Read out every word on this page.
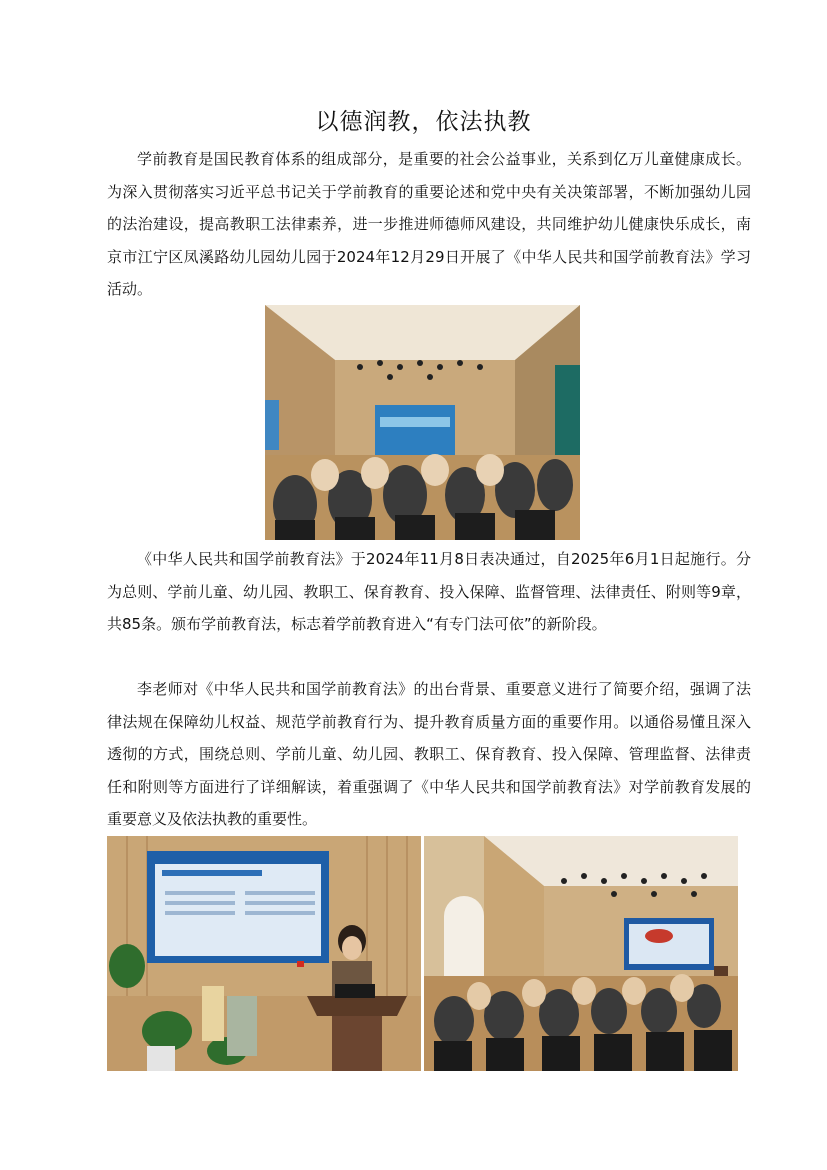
以德润教，依法执教

学前教育是国民教育体系的组成部分，是重要的社会公益事业，关系到亿万儿童健康成长。为深入贯彻落实习近平总书记关于学前教育的重要论述和党中央有关决策部署，不断加强幼儿园的法治建设，提高教职工法律素养，进一步推进师德师风建设，共同维护幼儿健康快乐成长，南京市江宁区凤溪路幼儿园幼儿园于2024年12月29日开展了《中华人民共和国学前教育法》学习活动。

《中华人民共和国学前教育法》于2024年11月8日表决通过，自2025年6月1日起施行。分为总则、学前儿童、幼儿园、教职工、保育教育、投入保障、监督管理、法律责任、附则等9章，共85条。颁布学前教育法，标志着学前教育进入“有专门法可依”的新阶段。

李老师对《中华人民共和国学前教育法》的出台背景、重要意义进行了简要介绍，强调了法律法规在保障幼儿权益、规范学前教育行为、提升教育质量方面的重要作用。以通俗易懂且深入透彻的方式，围绕总则、学前儿童、幼儿园、教职工、保育教育、投入保障、管理监督、法律责任和附则等方面进行了详细解读，着重强调了《中华人民共和国学前教育法》对学前教育发展的重要意义及依法执教的重要性。
